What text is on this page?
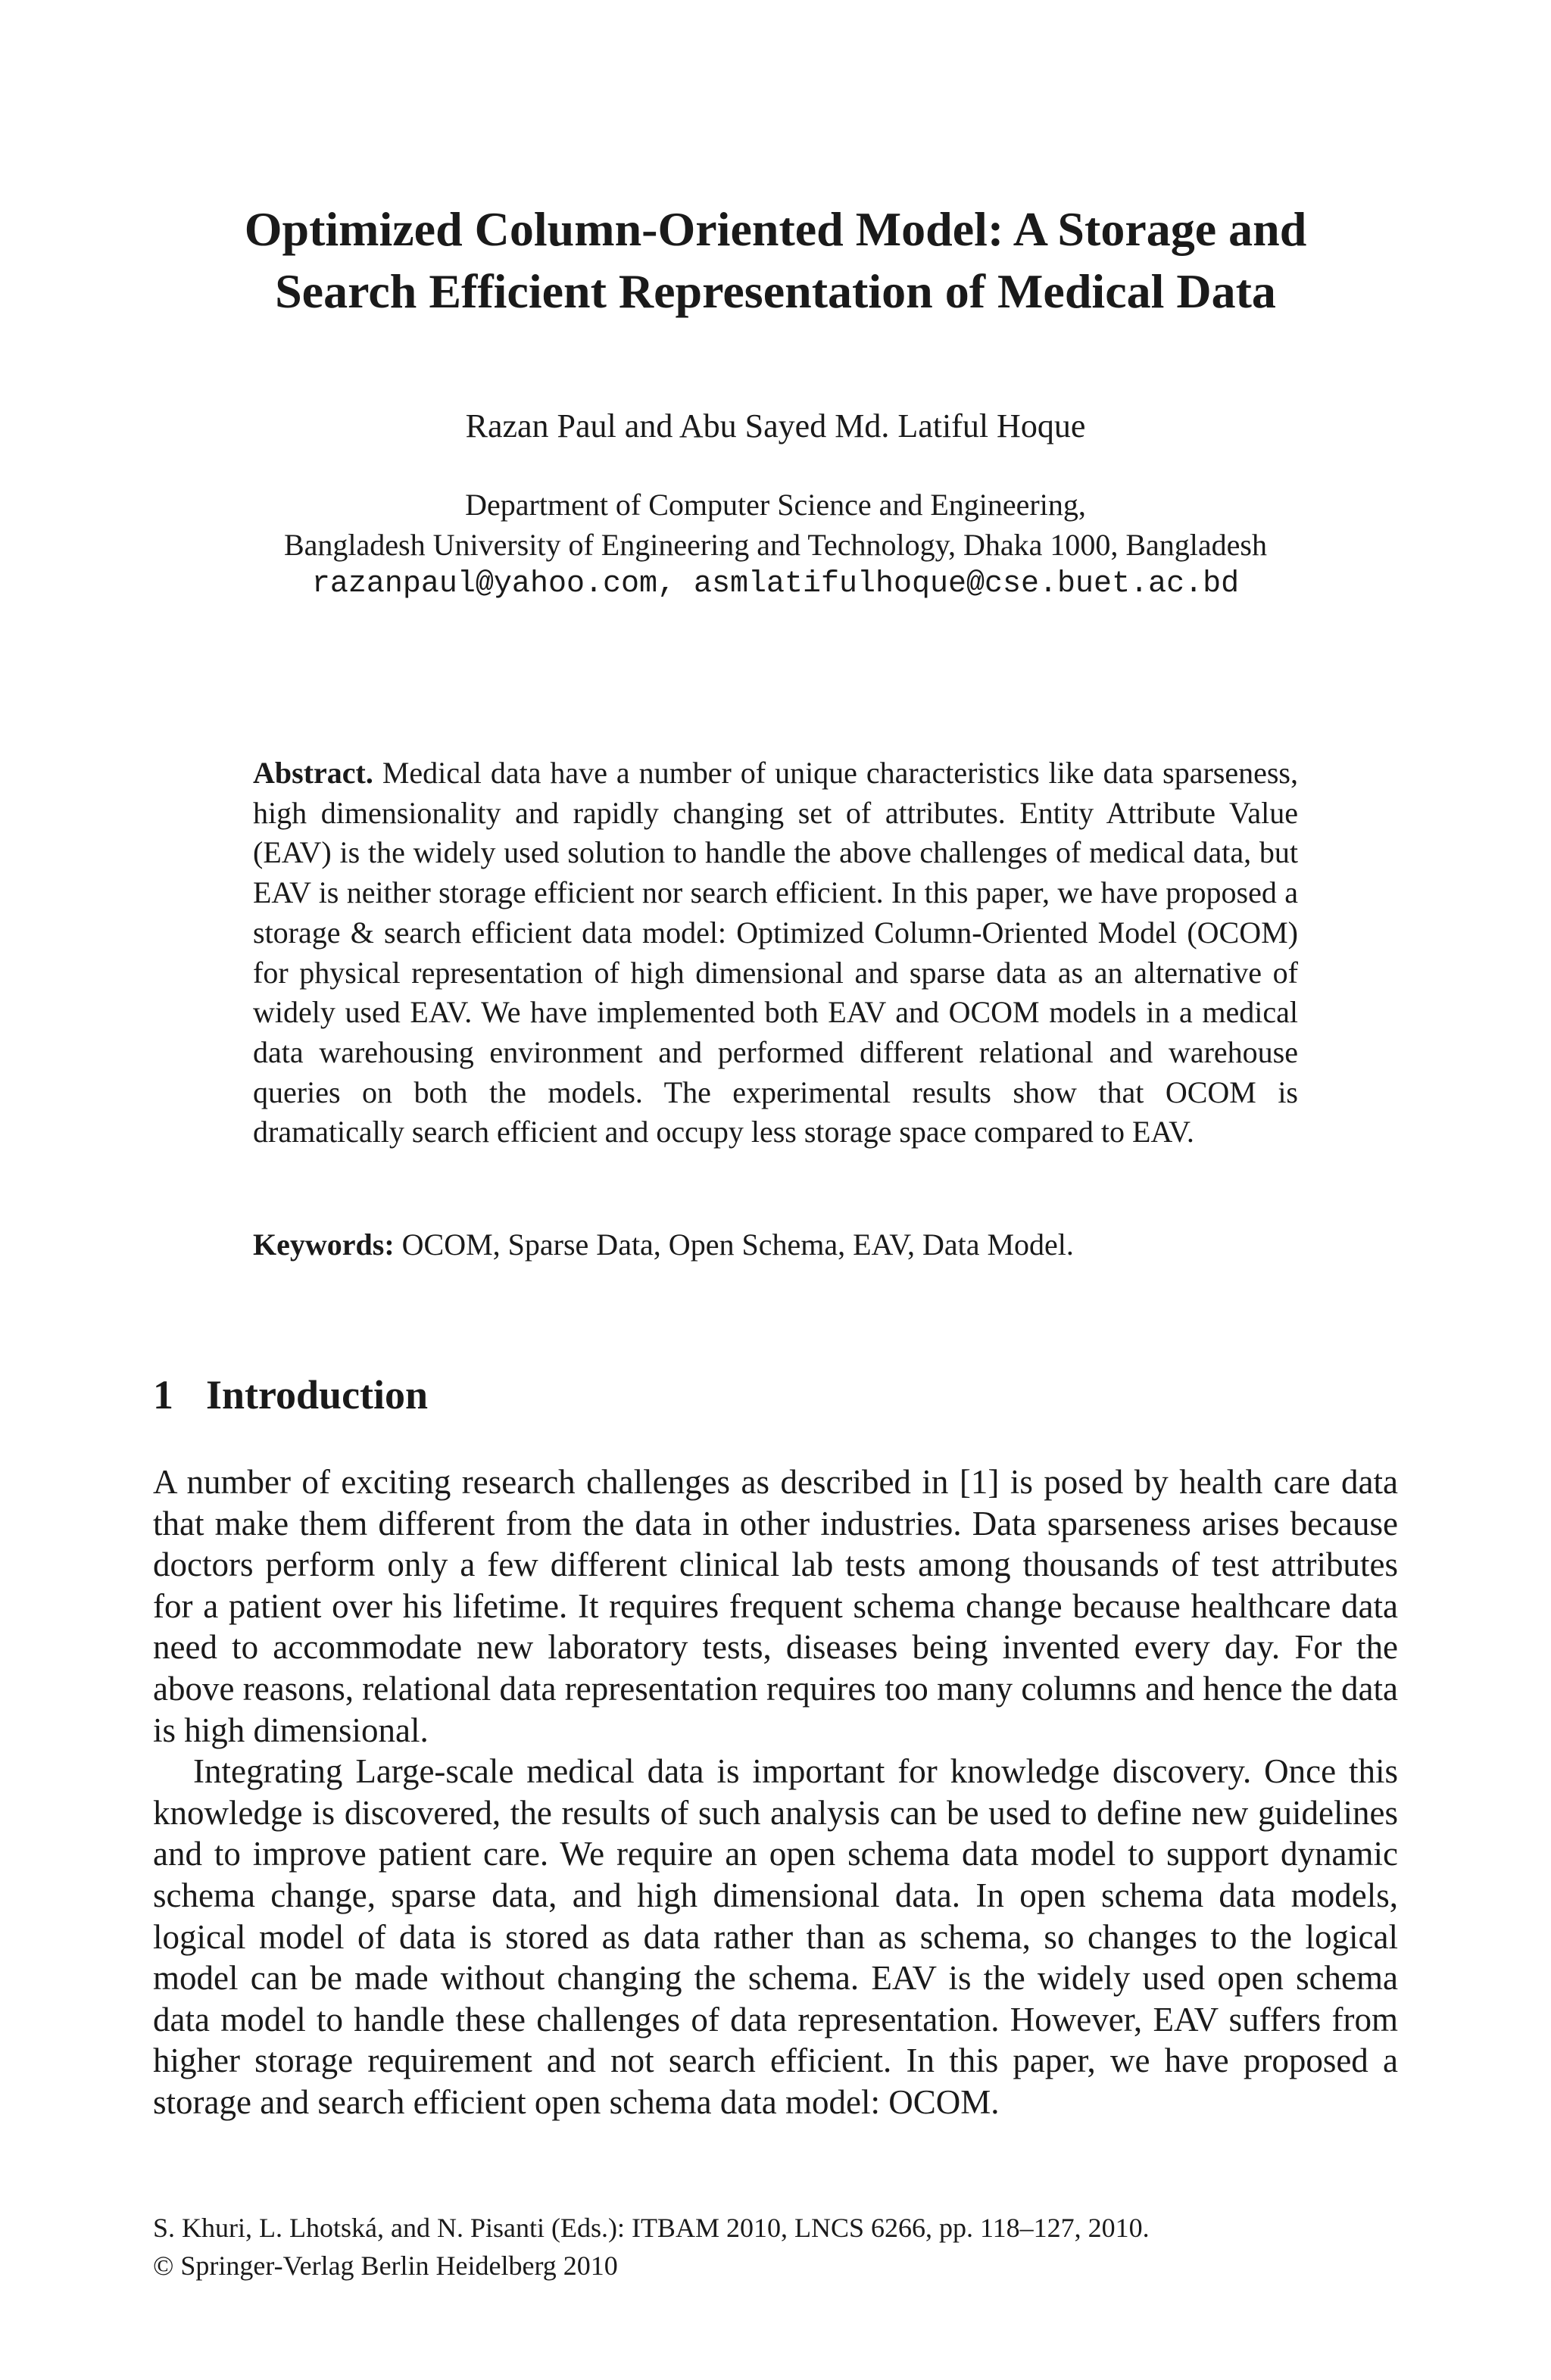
Optimized Column-Oriented Model: A Storage and
Search Efficient Representation of Medical Data
Razan Paul and Abu Sayed Md. Latiful Hoque
Department of Computer Science and Engineering,
Bangladesh University of Engineering and Technology, Dhaka 1000, Bangladesh
razanpaul@yahoo.com, asmlatifulhoque@cse.buet.ac.bd
Abstract. Medical data have a number of unique characteristics like data sparseness, high dimensionality and rapidly changing set of attributes. Entity Attribute Value (EAV) is the widely used solution to handle the above challenges of medical data, but EAV is neither storage efficient nor search efficient. In this paper, we have proposed a storage & search efficient data model: Optimized Column-Oriented Model (OCOM) for physical representation of high dimensional and sparse data as an alternative of widely used EAV. We have implemented both EAV and OCOM models in a medical data warehousing environment and performed different relational and warehouse queries on both the models. The experimental results show that OCOM is dramatically search efficient and occupy less storage space compared to EAV.
Keywords: OCOM, Sparse Data, Open Schema, EAV, Data Model.
1 Introduction

A number of exciting research challenges as described in [1] is posed by health care data that make them different from the data in other industries. Data sparseness arises because doctors perform only a few different clinical lab tests among thousands of test attributes for a patient over his lifetime. It requires frequent schema change because healthcare data need to accommodate new laboratory tests, diseases being invented every day. For the above reasons, relational data representation requires too many columns and hence the data is high dimensional.

Integrating Large-scale medical data is important for knowledge discovery. Once this knowledge is discovered, the results of such analysis can be used to define new guidelines and to improve patient care. We require an open schema data model to support dynamic schema change, sparse data, and high dimensional data. In open schema data models, logical model of data is stored as data rather than as schema, so changes to the logical model can be made without changing the schema. EAV is the widely used open schema data model to handle these challenges of data representation. However, EAV suffers from higher storage requirement and not search efficient. In this paper, we have proposed a storage and search efficient open schema data model: OCOM.

S. Khuri, L. Lhotská, and N. Pisanti (Eds.): ITBAM 2010, LNCS 6266, pp. 118–127, 2010.
© Springer-Verlag Berlin Heidelberg 2010
